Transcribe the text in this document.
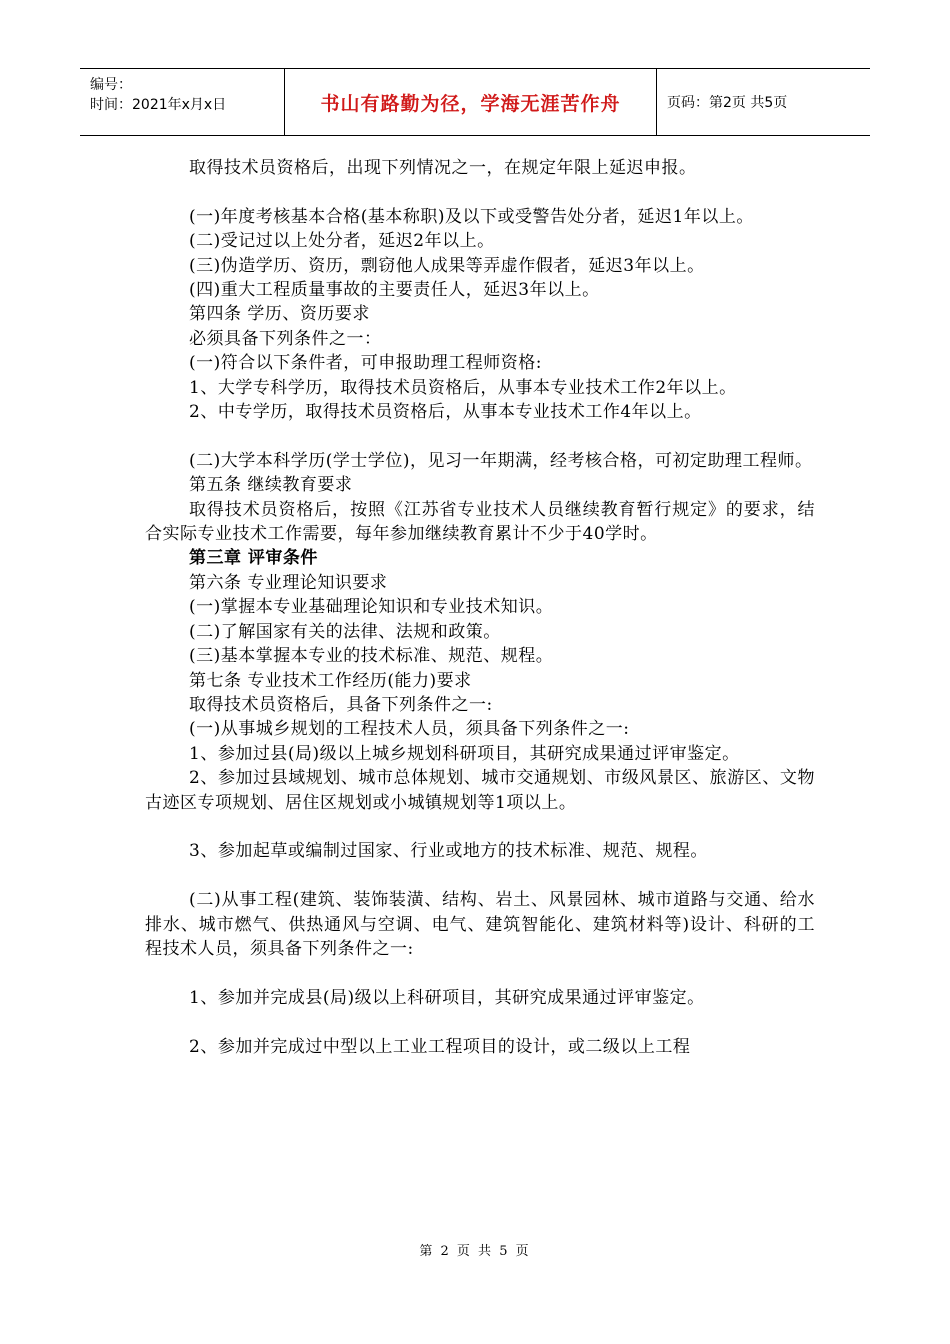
编号：
时间：2021年x月x日	书山有路勤为径，学海无涯苦作舟	页码：第2页 共5页

取得技术员资格后，出现下列情况之一，在规定年限上延迟申报。

(一)年度考核基本合格(基本称职)及以下或受警告处分者，延迟1年以上。

(二)受记过以上处分者，延迟2年以上。

(三)伪造学历、资历，剽窃他人成果等弄虚作假者，延迟3年以上。

(四)重大工程质量事故的主要责任人，延迟3年以上。

第四条 学历、资历要求

必须具备下列条件之一：

(一)符合以下条件者，可申报助理工程师资格:

1、大学专科学历，取得技术员资格后，从事本专业技术工作2年以上。

2、中专学历，取得技术员资格后，从事本专业技术工作4年以上。

(二)大学本科学历(学士学位)，见习一年期满，经考核合格，可初定助理工程师。

第五条 继续教育要求

取得技术员资格后，按照《江苏省专业技术人员继续教育暂行规定》的要求，结合实际专业技术工作需要，每年参加继续教育累计不少于40学时。

第三章 评审条件

第六条 专业理论知识要求

(一)掌握本专业基础理论知识和专业技术知识。

(二)了解国家有关的法律、法规和政策。

(三)基本掌握本专业的技术标准、规范、规程。

第七条 专业技术工作经历(能力)要求

取得技术员资格后，具备下列条件之一:

(一)从事城乡规划的工程技术人员，须具备下列条件之一:

1、参加过县(局)级以上城乡规划科研项目，其研究成果通过评审鉴定。

2、参加过县域规划、城市总体规划、城市交通规划、市级风景区、旅游区、文物古迹区专项规划、居住区规划或小城镇规划等1项以上。

3、参加起草或编制过国家、行业或地方的技术标准、规范、规程。

(二)从事工程(建筑、装饰装潢、结构、岩土、风景园林、城市道路与交通、给水排水、城市燃气、供热通风与空调、电气、建筑智能化、建筑材料等)设计、科研的工程技术人员，须具备下列条件之一:

1、参加并完成县(局)级以上科研项目，其研究成果通过评审鉴定。

2、参加并完成过中型以上工业工程项目的设计，或二级以上工程

第 2 页 共 5 页
